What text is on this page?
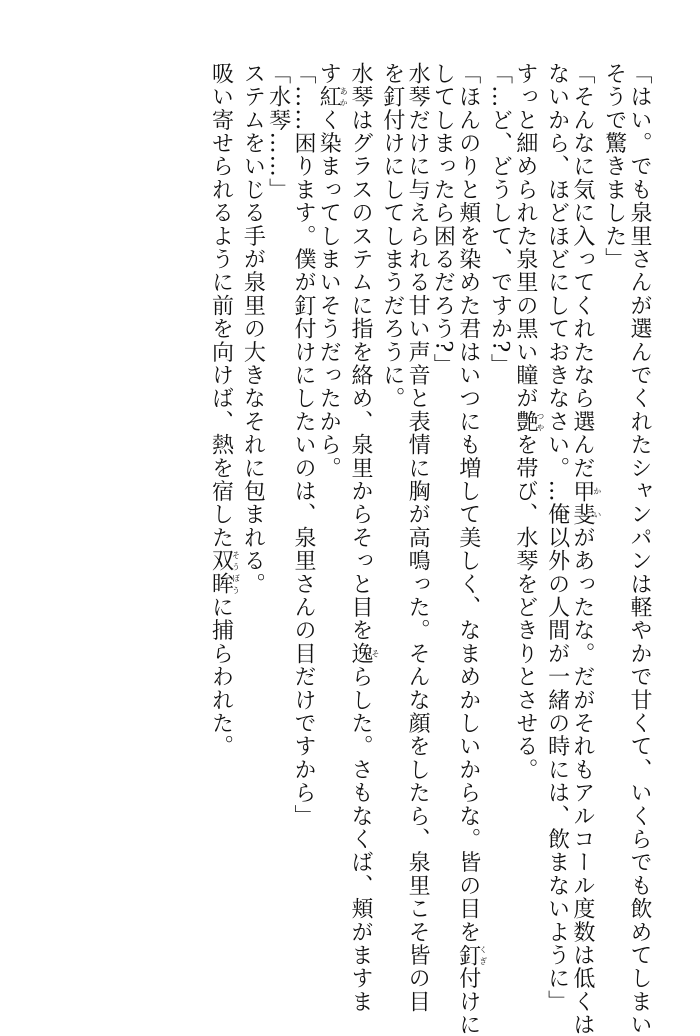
「はい。でも泉里さんが選んでくれたシャンパンは軽やかで甘くて、いくらでも飲めてしまい
そうで驚きました」
「そんなに気に入ってくれたなら選んだ甲斐かいがあったな。だがそれもアルコール度数は低くは
ないから、ほどほどにしておきなさい。…俺以外の人間が一緒の時には、飲まないように」
すっと細められた泉里の黒い瞳が艶つやを帯び、水琴をどきりとさせる。
「…ど、どうして、ですか?」
「ほんのりと頬を染めた君はいつにも増して美しく、なまめかしいからな。皆の目を釘くぎ付けに
してしまったら困るだろう?」
水琴だけに与えられる甘い声音と表情に胸が高鳴った。そんな顔をしたら、泉里こそ皆の目
を釘付けにしてしまうだろうに。
水琴はグラスのステムに指を絡め、泉里からそっと目を逸そらした。さもなくば、頬がますま
す紅あかく染まってしまいそうだったから。
「……困ります。僕が釘付けにしたいのは、泉里さんの目だけですから」
「水琴……」
ステムをいじる手が泉里の大きなそれに包まれる。
吸い寄せられるように前を向けば、熱を宿した双眸そうぼうに捕らわれた。
